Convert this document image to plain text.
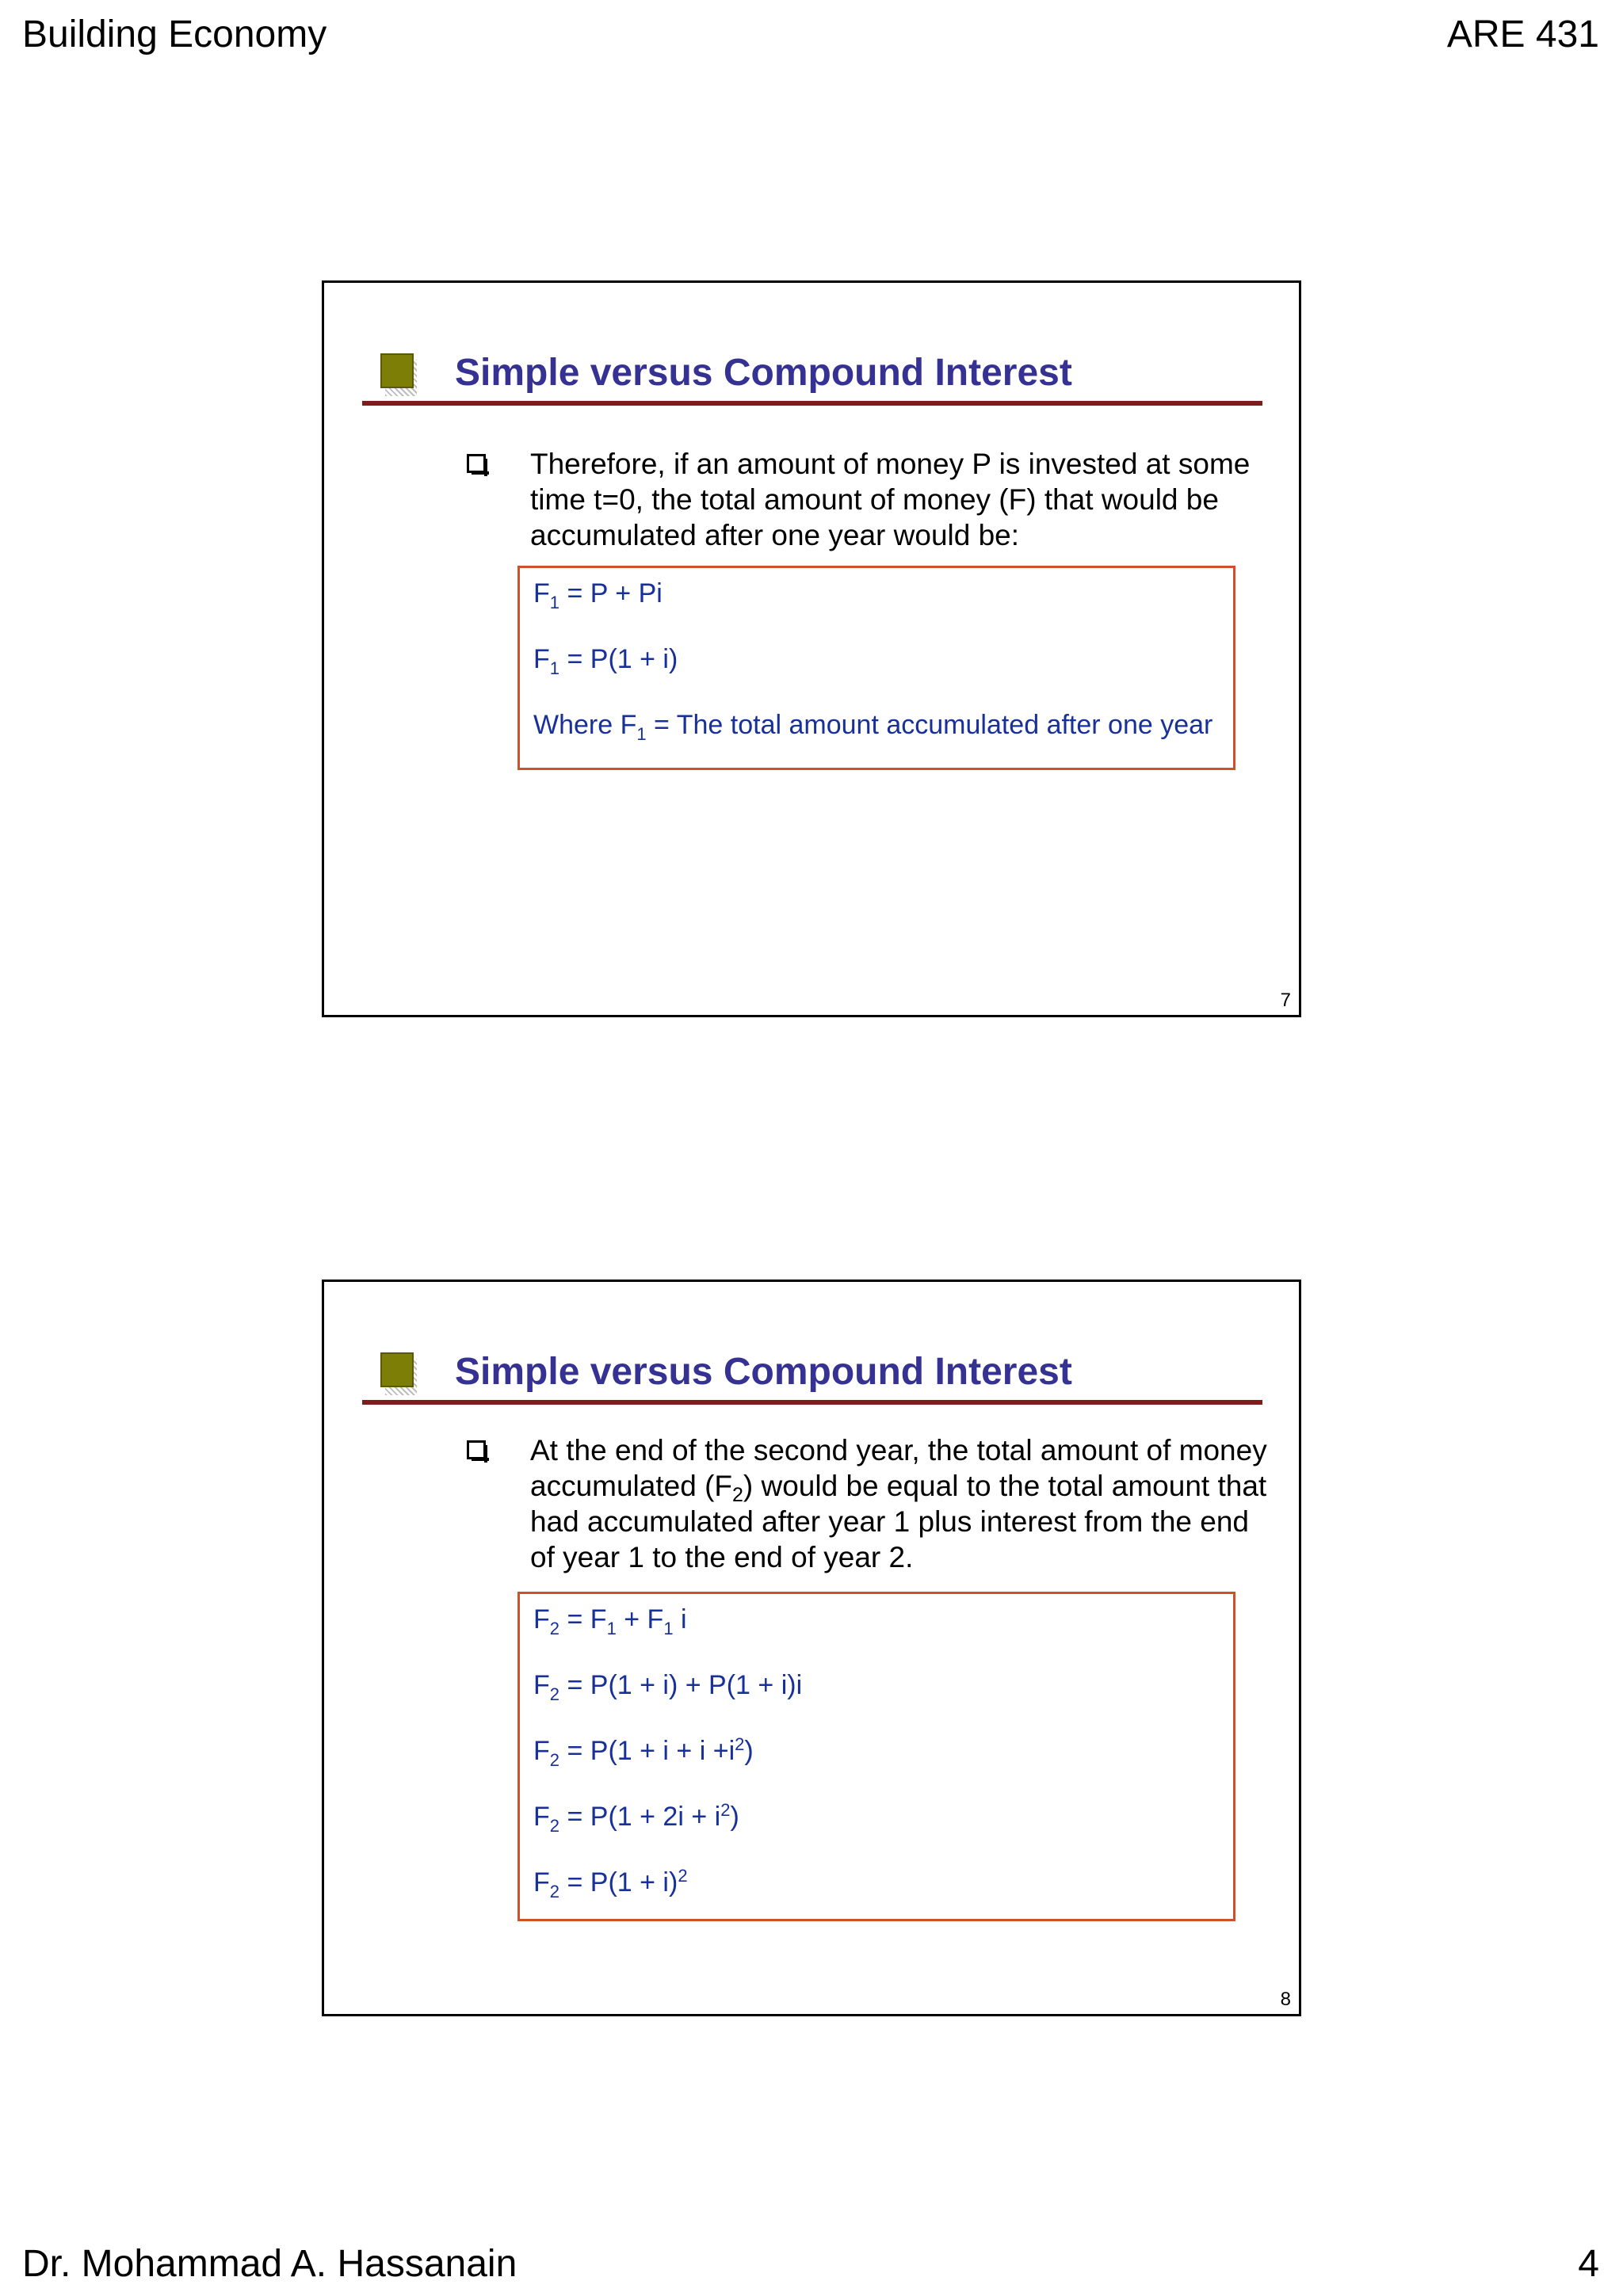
Building Economy	ARE 431
Simple versus Compound Interest
Therefore, if an amount of money P is invested at some time t=0, the total amount of money (F) that would be accumulated after one year would be:
$F_1 = P + Pi$
$F_1 = P(1 + i)$
Where $F_1$ = The total amount accumulated after one year
7
Simple versus Compound Interest
At the end of the second year, the total amount of money accumulated $(F_2)$ would be equal to the total amount that had accumulated after year 1 plus interest from the end of year 1 to the end of year 2.
$F_2 = F_1 + F_1$ i
$F_2 = P(1 + i) + P(1 + i)i$
$F_2 = P(1 + i + i +i^2)$
$F_2 = P(1 + 2i + i^2)$
$F_2 = P(1 + i)^2$
8
Dr. Mohammad A. Hassanain	4
